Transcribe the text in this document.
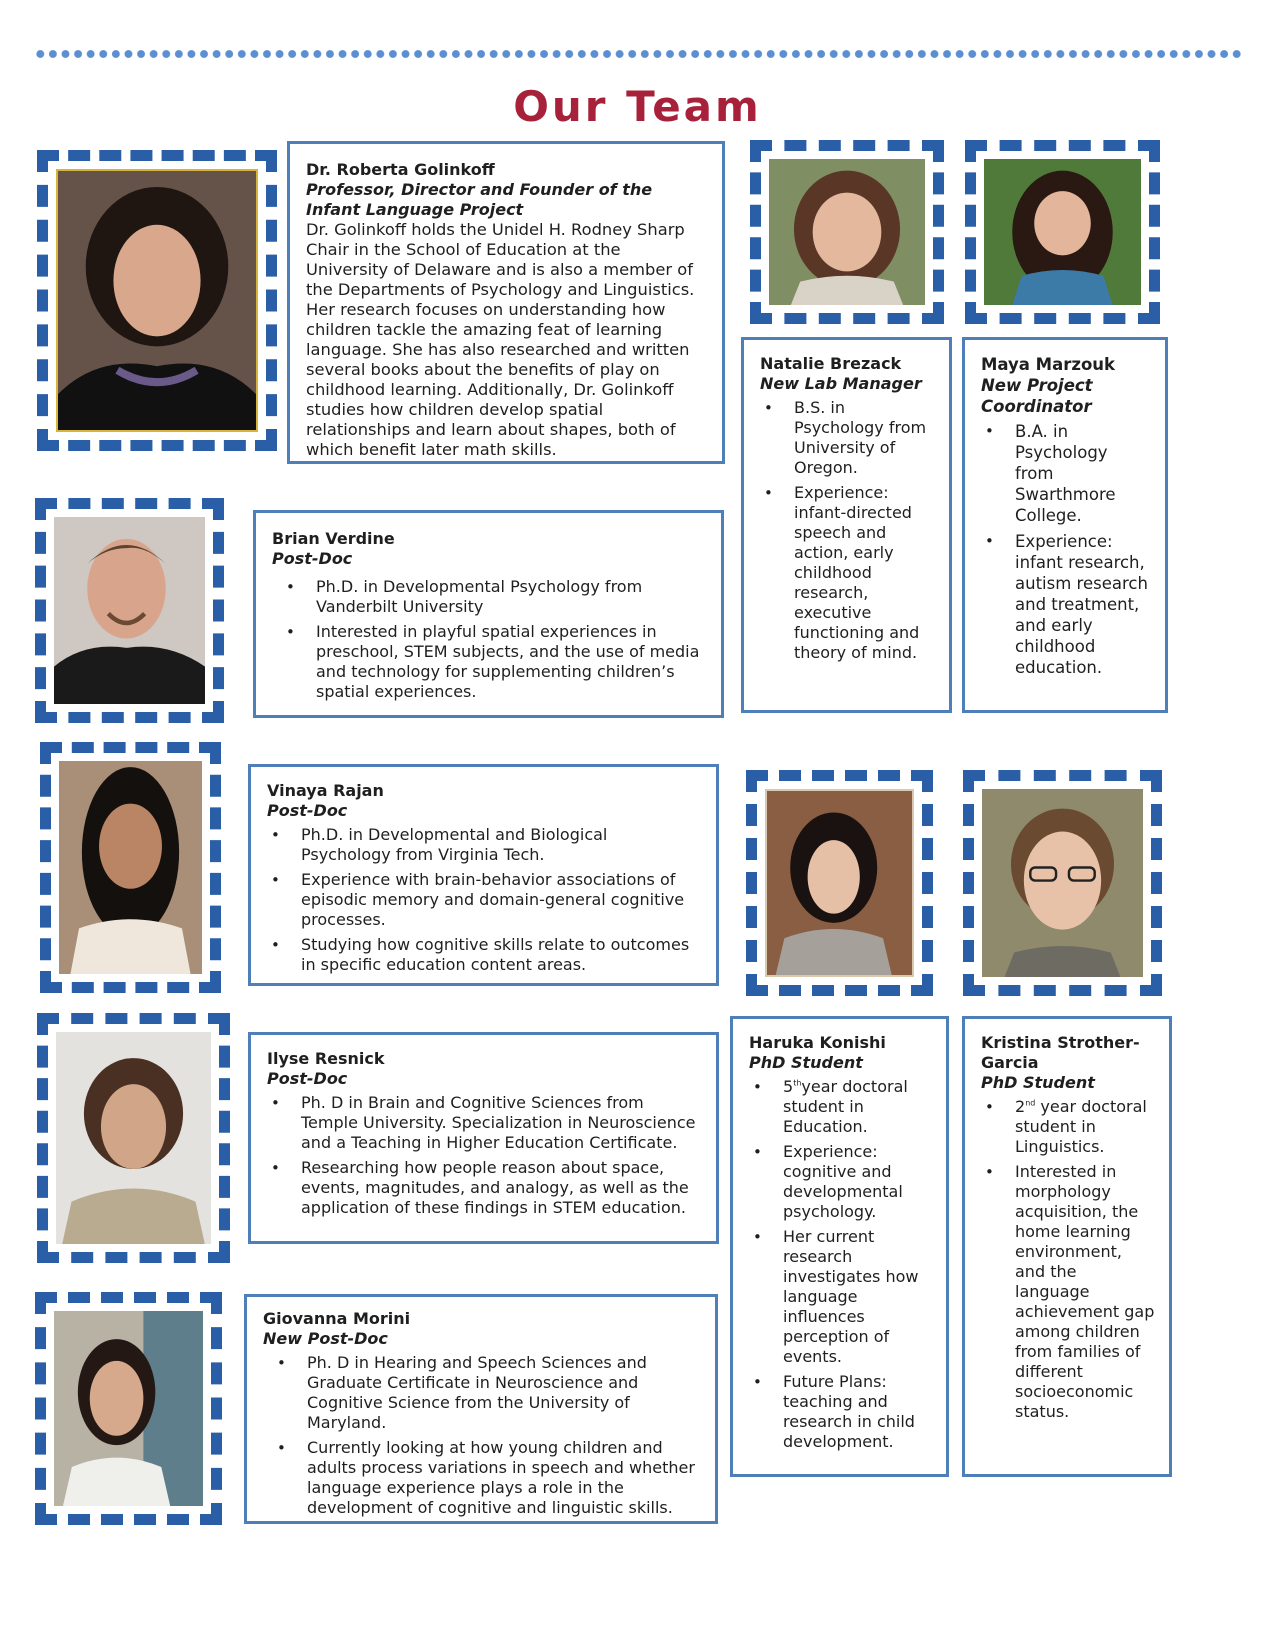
Our Team
Dr. Roberta Golinkoff
Professor, Director and Founder of the Infant Language Project
Dr. Golinkoff holds the Unidel H. Rodney Sharp Chair in the School of Education at the University of Delaware and is also a member of the Departments of Psychology and Linguistics. Her research focuses on understanding how children tackle the amazing feat of learning language. She has also researched and written several books about the benefits of play on childhood learning. Additionally, Dr. Golinkoff studies how children develop spatial relationships and learn about shapes, both of which benefit later math skills.
Brian Verdine
Post-Doc
• Ph.D. in Developmental Psychology from Vanderbilt University
• Interested in playful spatial experiences in preschool, STEM subjects, and the use of media and technology for supplementing children’s spatial experiences.
Vinaya Rajan
Post-Doc
• Ph.D. in Developmental and Biological Psychology from Virginia Tech.
• Experience with brain-behavior associations of episodic memory and domain-general cognitive processes.
• Studying how cognitive skills relate to outcomes in specific education content areas.
Ilyse Resnick
Post-Doc
• Ph. D in Brain and Cognitive Sciences from Temple University. Specialization in Neuroscience and a Teaching in Higher Education Certificate.
• Researching how people reason about space, events, magnitudes, and analogy, as well as the application of these findings in STEM education.
Giovanna Morini
New Post-Doc
• Ph. D in Hearing and Speech Sciences and Graduate Certificate in Neuroscience and Cognitive Science from the University of Maryland.
• Currently looking at how young children and adults process variations in speech and whether language experience plays a role in the development of cognitive and linguistic skills.
Natalie Brezack
New Lab Manager
• B.S. in Psychology from University of Oregon.
• Experience: infant-directed speech and action, early childhood research, executive functioning and theory of mind.
Maya Marzouk
New Project Coordinator
• B.A. in Psychology from Swarthmore College.
• Experience: infant research, autism research and treatment, and early childhood education.
Haruka Konishi
PhD Student
• 5thyear doctoral student in Education.
• Experience: cognitive and developmental psychology.
• Her current research investigates how language influences perception of events.
• Future Plans: teaching and research in child development.
Kristina Strother-Garcia
PhD Student
• 2nd year doctoral student in Linguistics.
• Interested in morphology acquisition, the home learning environment, and the language achievement gap among children from families of different socioeconomic status.
